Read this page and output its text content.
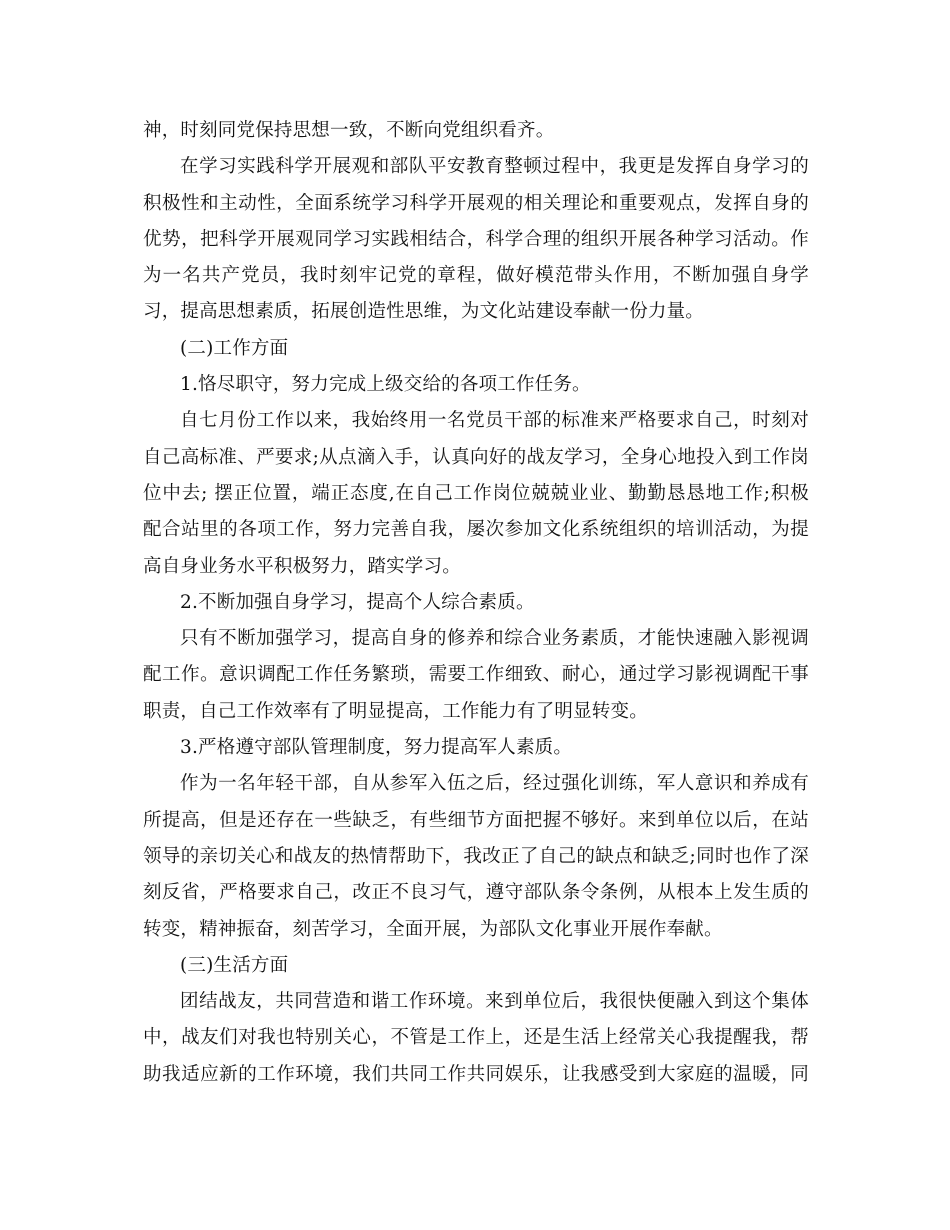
神，时刻同党保持思想一致，不断向党组织看齐。
在学习实践科学开展观和部队平安教育整顿过程中，我更是发挥自身学习的
积极性和主动性，全面系统学习科学开展观的相关理论和重要观点，发挥自身的
优势，把科学开展观同学习实践相结合，科学合理的组织开展各种学习活动。作
为一名共产党员，我时刻牢记党的章程，做好模范带头作用，不断加强自身学
习，提高思想素质，拓展创造性思维，为文化站建设奉献一份力量。
(二)工作方面
1.恪尽职守，努力完成上级交给的各项工作任务。
自七月份工作以来，我始终用一名党员干部的标准来严格要求自己，时刻对
自己高标准、严要求;从点滴入手，认真向好的战友学习，全身心地投入到工作岗
位中去; 摆正位置，端正态度,在自己工作岗位兢兢业业、勤勤恳恳地工作;积极
配合站里的各项工作，努力完善自我，屡次参加文化系统组织的培训活动，为提
高自身业务水平积极努力，踏实学习。
2.不断加强自身学习，提高个人综合素质。
只有不断加强学习，提高自身的修养和综合业务素质，才能快速融入影视调
配工作。意识调配工作任务繁琐，需要工作细致、耐心，通过学习影视调配干事
职责，自己工作效率有了明显提高，工作能力有了明显转变。
3.严格遵守部队管理制度，努力提高军人素质。
作为一名年轻干部，自从参军入伍之后，经过强化训练，军人意识和养成有
所提高，但是还存在一些缺乏，有些细节方面把握不够好。来到单位以后，在站
领导的亲切关心和战友的热情帮助下，我改正了自己的缺点和缺乏;同时也作了深
刻反省，严格要求自己，改正不良习气，遵守部队条令条例，从根本上发生质的
转变，精神振奋，刻苦学习，全面开展，为部队文化事业开展作奉献。
(三)生活方面
团结战友，共同营造和谐工作环境。来到单位后，我很快便融入到这个集体
中，战友们对我也特别关心，不管是工作上，还是生活上经常关心我提醒我，帮
助我适应新的工作环境，我们共同工作共同娱乐，让我感受到大家庭的温暖，同
